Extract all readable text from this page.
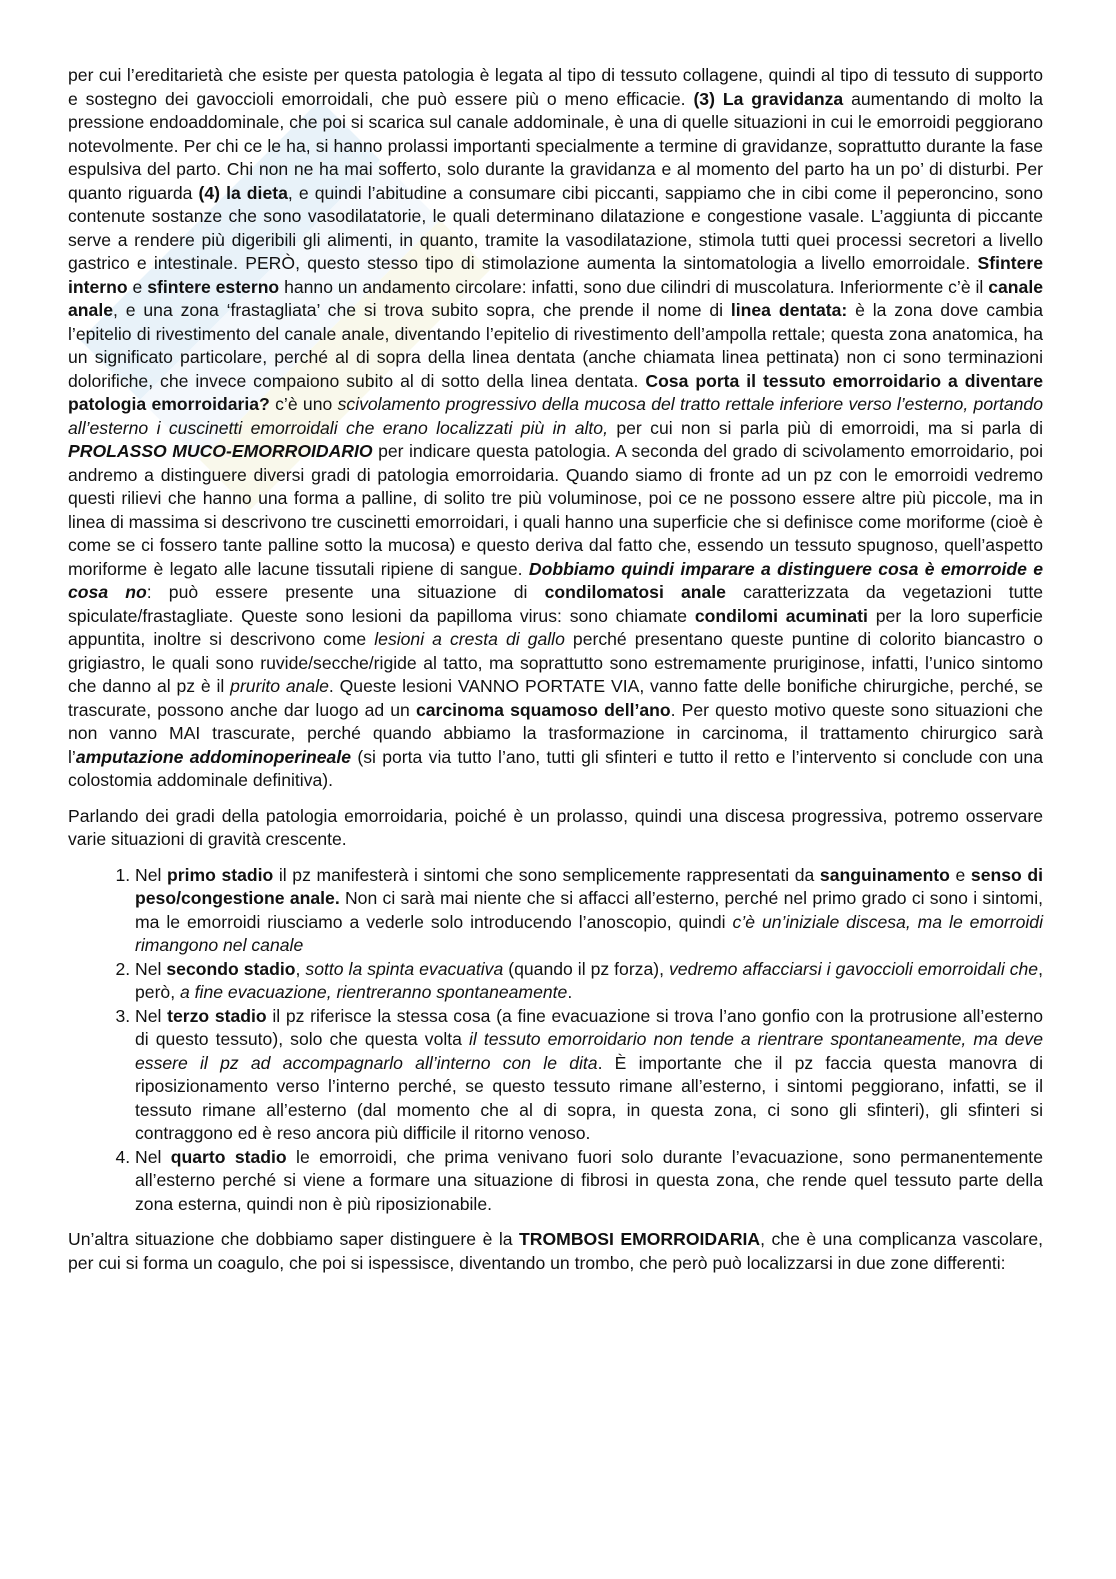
per cui l’ereditarietà che esiste per questa patologia è legata al tipo di tessuto collagene, quindi al tipo di tessuto di supporto e sostegno dei gavoccioli emorroidali, che può essere più o meno efficacie. (3) La gravidanza aumentando di molto la pressione endoaddominale, che poi si scarica sul canale addominale, è una di quelle situazioni in cui le emorroidi peggiorano notevolmente. Per chi ce le ha, si hanno prolassi importanti specialmente a termine di gravidanze, soprattutto durante la fase espulsiva del parto. Chi non ne ha mai sofferto, solo durante la gravidanza e al momento del parto ha un po’ di disturbi. Per quanto riguarda (4) la dieta, e quindi l’abitudine a consumare cibi piccanti, sappiamo che in cibi come il peperoncino, sono contenute sostanze che sono vasodilatatorie, le quali determinano dilatazione e congestione vasale. L’aggiunta di piccante serve a rendere più digeribili gli alimenti, in quanto, tramite la vasodilatazione, stimola tutti quei processi secretori a livello gastrico e intestinale. PERÒ, questo stesso tipo di stimolazione aumenta la sintomatologia a livello emorroidale. Sfintere interno e sfintere esterno hanno un andamento circolare: infatti, sono due cilindri di muscolatura. Inferiormente c’è il canale anale, e una zona ‘frastagliata’ che si trova subito sopra, che prende il nome di linea dentata: è la zona dove cambia l’epitelio di rivestimento del canale anale, diventando l’epitelio di rivestimento dell’ampolla rettale; questa zona anatomica, ha un significato particolare, perché al di sopra della linea dentata (anche chiamata linea pettinata) non ci sono terminazioni dolorifiche, che invece compaiono subito al di sotto della linea dentata. Cosa porta il tessuto emorroidario a diventare patologia emorroidaria? c’è uno scivolamento progressivo della mucosa del tratto rettale inferiore verso l’esterno, portando all’esterno i cuscinetti emorroidali che erano localizzati più in alto, per cui non si parla più di emorroidi, ma si parla di PROLASSO MUCO-EMORROIDARIO per indicare questa patologia. A seconda del grado di scivolamento emorroidario, poi andremo a distinguere diversi gradi di patologia emorroidaria. Quando siamo di fronte ad un pz con le emorroidi vedremo questi rilievi che hanno una forma a palline, di solito tre più voluminose, poi ce ne possono essere altre più piccole, ma in linea di massima si descrivono tre cuscinetti emorroidari, i quali hanno una superficie che si definisce come moriforme (cioè è come se ci fossero tante palline sotto la mucosa) e questo deriva dal fatto che, essendo un tessuto spugnoso, quell’aspetto moriforme è legato alle lacune tissutali ripiene di sangue. Dobbiamo quindi imparare a distinguere cosa è emorroide e cosa no: può essere presente una situazione di condilomatosi anale caratterizzata da vegetazioni tutte spiculate/frastagliate. Queste sono lesioni da papilloma virus: sono chiamate condilomi acuminati per la loro superficie appuntita, inoltre si descrivono come lesioni a cresta di gallo perché presentano queste puntine di colorito biancastro o grigiastro, le quali sono ruvide/secche/rigide al tatto, ma soprattutto sono estremamente pruriginose, infatti, l’unico sintomo che danno al pz è il prurito anale. Queste lesioni VANNO PORTATE VIA, vanno fatte delle bonifiche chirurgiche, perché, se trascurate, possono anche dar luogo ad un carcinoma squamoso dell’ano. Per questo motivo queste sono situazioni che non vanno MAI trascurate, perché quando abbiamo la trasformazione in carcinoma, il trattamento chirurgico sarà l’amputazione addominoperineale (si porta via tutto l’ano, tutti gli sfinteri e tutto il retto e l’intervento si conclude con una colostomia addominale definitiva).

Parlando dei gradi della patologia emorroidaria, poiché è un prolasso, quindi una discesa progressiva, potremo osservare varie situazioni di gravità crescente.

1. Nel primo stadio il pz manifesterà i sintomi che sono semplicemente rappresentati da sanguinamento e senso di peso/congestione anale. Non ci sarà mai niente che si affacci all’esterno, perché nel primo grado ci sono i sintomi, ma le emorroidi riusciamo a vederle solo introducendo l’anoscopio, quindi c’è un’iniziale discesa, ma le emorroidi rimangono nel canale
2. Nel secondo stadio, sotto la spinta evacuativa (quando il pz forza), vedremo affacciarsi i gavoccioli emorroidali che, però, a fine evacuazione, rientreranno spontaneamente.
3. Nel terzo stadio il pz riferisce la stessa cosa (a fine evacuazione si trova l’ano gonfio con la protrusione all’esterno di questo tessuto), solo che questa volta il tessuto emorroidario non tende a rientrare spontaneamente, ma deve essere il pz ad accompagnarlo all’interno con le dita. È importante che il pz faccia questa manovra di riposizionamento verso l’interno perché, se questo tessuto rimane all’esterno, i sintomi peggiorano, infatti, se il tessuto rimane all’esterno (dal momento che al di sopra, in questa zona, ci sono gli sfinteri), gli sfinteri si contraggono ed è reso ancora più difficile il ritorno venoso.
4. Nel quarto stadio le emorroidi, che prima venivano fuori solo durante l’evacuazione, sono permanentemente all’esterno perché si viene a formare una situazione di fibrosi in questa zona, che rende quel tessuto parte della zona esterna, quindi non è più riposizionabile.

Un’altra situazione che dobbiamo saper distinguere è la TROMBOSI EMORROIDARIA, che è una complicanza vascolare, per cui si forma un coagulo, che poi si ispessisce, diventando un trombo, che però può localizzarsi in due zone differenti:
